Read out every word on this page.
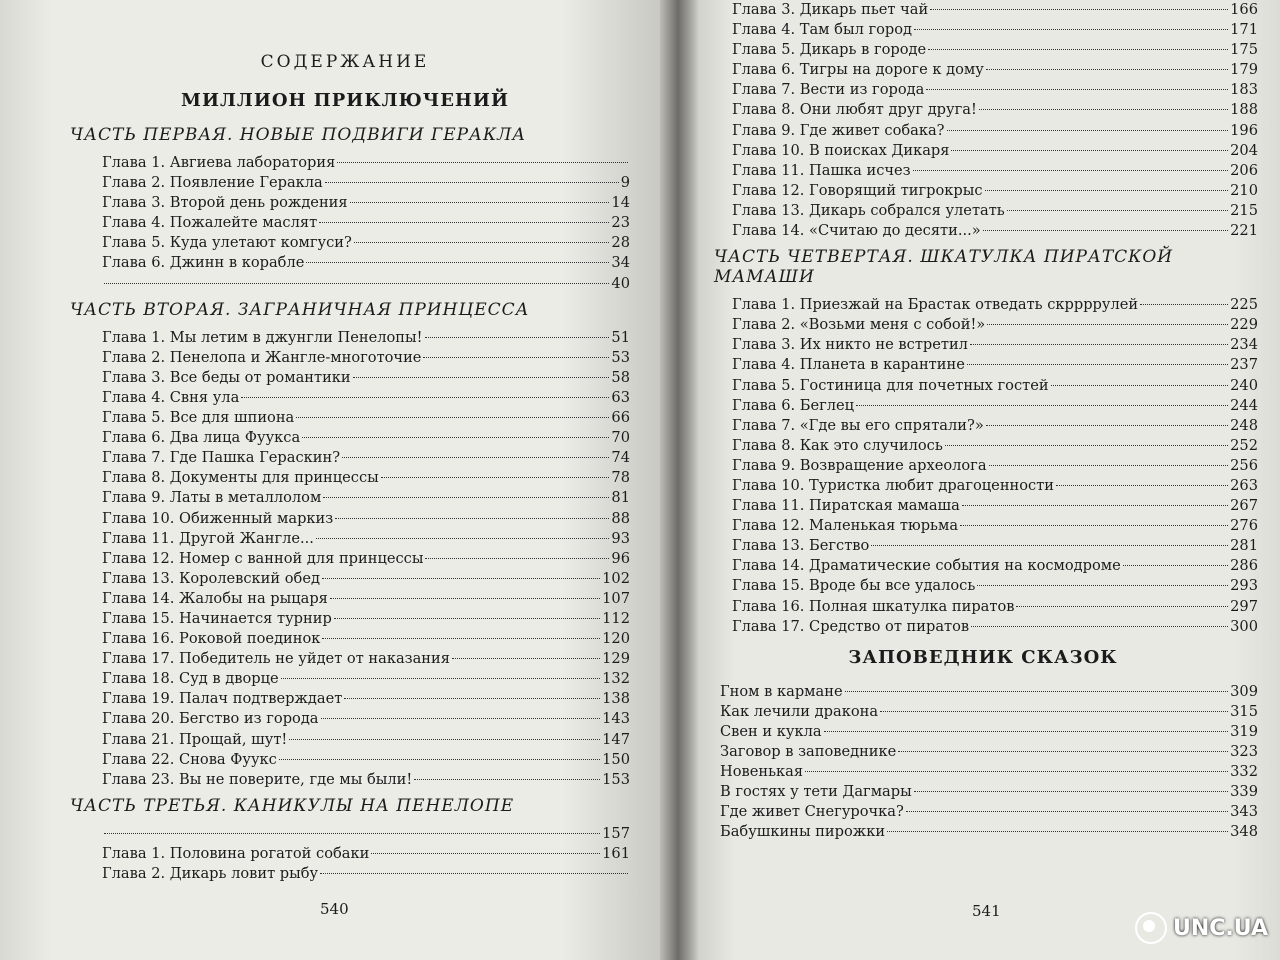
СОДЕРЖАНИЕ
МИЛЛИОН ПРИКЛЮЧЕНИЙ
ЧАСТЬ ПЕРВАЯ. НОВЫЕ ПОДВИГИ ГЕРАКЛА
Глава 1. Авгиева лаборатория
Глава 2. Появление Геракла	9
Глава 3. Второй день рождения	14
Глава 4. Пожалейте маслят	23
Глава 5. Куда улетают комгуси?	28
Глава 6. Джинн в корабле	34
40
ЧАСТЬ ВТОРАЯ. ЗАГРАНИЧНАЯ ПРИНЦЕССА
Глава 1. Мы летим в джунгли Пенелопы!	51
Глава 2. Пенелопа и Жангле-многоточие	53
Глава 3. Все беды от романтики	58
Глава 4. Свня ула	63
Глава 5. Все для шпиона	66
Глава 6. Два лица Фуукса	70
Глава 7. Где Пашка Гераскин?	74
Глава 8. Документы для принцессы	78
Глава 9. Латы в металлолом	81
Глава 10. Обиженный маркиз	88
Глава 11. Другой Жангле...	93
Глава 12. Номер с ванной для принцессы	96
Глава 13. Королевский обед	102
Глава 14. Жалобы на рыцаря	107
Глава 15. Начинается турнир	112
Глава 16. Роковой поединок	120
Глава 17. Победитель не уйдет от наказания	129
Глава 18. Суд в дворце	132
Глава 19. Палач подтверждает	138
Глава 20. Бегство из города	143
Глава 21. Прощай, шут!	147
Глава 22. Снова Фуукс	150
Глава 23. Вы не поверите, где мы были!	153
ЧАСТЬ ТРЕТЬЯ. КАНИКУЛЫ НА ПЕНЕЛОПЕ
157
Глава 1. Половина рогатой собаки	161
Глава 2. Дикарь ловит рыбу
540
Глава 3. Дикарь пьет чай	166
Глава 4. Там был город	171
Глава 5. Дикарь в городе	175
Глава 6. Тигры на дороге к дому	179
Глава 7. Вести из города	183
Глава 8. Они любят друг друга!	188
Глава 9. Где живет собака?	196
Глава 10. В поисках Дикаря	204
Глава 11. Пашка исчез	206
Глава 12. Говорящий тигрокрыс	210
Глава 13. Дикарь собрался улетать	215
Глава 14. «Считаю до десяти...»	221
ЧАСТЬ ЧЕТВЕРТАЯ. ШКАТУЛКА ПИРАТСКОЙ МАМАШИ
Глава 1. Приезжай на Брастак отведать скррррулей	225
Глава 2. «Возьми меня с собой!»	229
Глава 3. Их никто не встретил	234
Глава 4. Планета в карантине	237
Глава 5. Гостиница для почетных гостей	240
Глава 6. Беглец	244
Глава 7. «Где вы его спрятали?»	248
Глава 8. Как это случилось	252
Глава 9. Возвращение археолога	256
Глава 10. Туристка любит драгоценности	263
Глава 11. Пиратская мамаша	267
Глава 12. Маленькая тюрьма	276
Глава 13. Бегство	281
Глава 14. Драматические события на космодроме	286
Глава 15. Вроде бы все удалось	293
Глава 16. Полная шкатулка пиратов	297
Глава 17. Средство от пиратов	300
ЗАПОВЕДНИК СКАЗОК
Гном в кармане	309
Как лечили дракона	315
Свен и кукла	319
Заговор в заповеднике	323
Новенькая	332
В гостях у тети Дагмары	339
Где живет Снегурочка?	343
Бабушкины пирожки	348
541
UNC.UA
